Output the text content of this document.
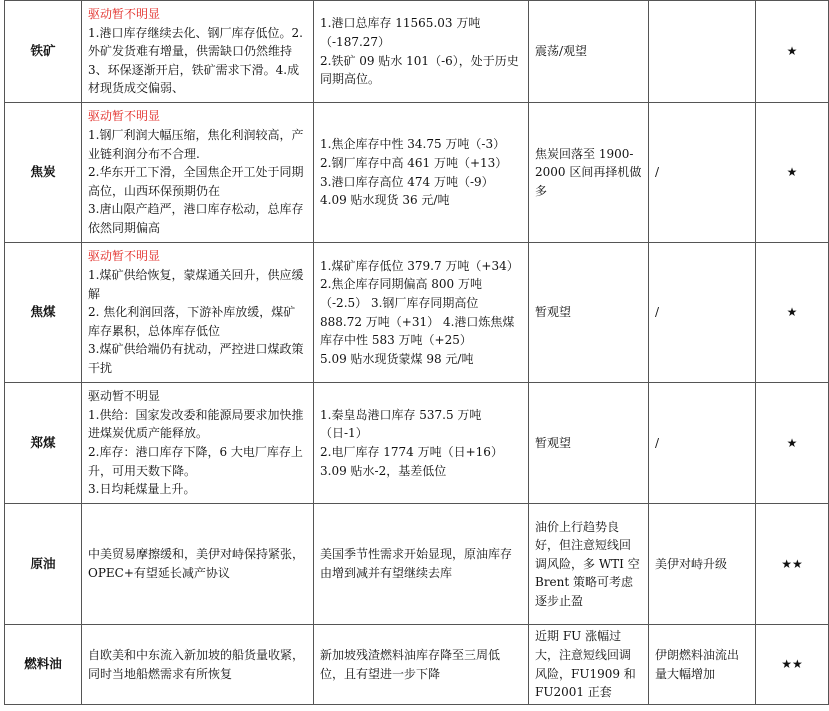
铁矿	驱动暂不明显
1.港口库存继续去化、钢厂库存低位。2.外矿发货难有增量，供需缺口仍然维持 3、环保逐渐开启，铁矿需求下滑。4.成材现货成交偏弱、	1.港口总库存 11565.03 万吨（-187.27）
2.铁矿 09 贴水 101（-6），处于历史同期高位。	震荡/观望		★
焦炭	驱动暂不明显
1.钢厂利润大幅压缩，焦化利润较高，产业链利润分布不合理.
2.华东开工下滑，全国焦企开工处于同期高位，山西环保预期仍在
3.唐山限产趋严，港口库存松动，总库存依然同期偏高	1.焦企库存中性 34.75 万吨（-3）
2.钢厂库存中高 461 万吨（+13）
3.港口库存高位 474 万吨（-9）
4.09 贴水现货 36 元/吨	焦炭回落至 1900-2000 区间再择机做多	/	★
焦煤	驱动暂不明显
1.煤矿供给恢复，蒙煤通关回升，供应缓解
2. 焦化利润回落，下游补库放缓，煤矿库存累积，总体库存低位
3.煤矿供给端仍有扰动，严控进口煤政策干扰	1.煤矿库存低位 379.7 万吨（+34）
2.焦企库存同期偏高 800 万吨（-2.5） 3.钢厂库存同期高位 888.72 万吨（+31） 4.港口炼焦煤库存中性 583 万吨（+25）
5.09 贴水现货蒙煤 98 元/吨	暂观望	/	★
郑煤	驱动暂不明显
1.供给：国家发改委和能源局要求加快推进煤炭优质产能释放。
2.库存：港口库存下降，6 大电厂库存上升，可用天数下降。
3.日均耗煤量上升。	1.秦皇岛港口库存 537.5 万吨（日-1）
2.电厂库存 1774 万吨（日+16）
3.09 贴水-2，基差低位	暂观望	/	★
原油	中美贸易摩擦缓和，美伊对峙保持紧张，OPEC+有望延长减产协议	美国季节性需求开始显现，原油库存由增到减并有望继续去库	油价上行趋势良好，但注意短线回调风险，多 WTI 空 Brent 策略可考虑逐步止盈	美伊对峙升级	★★
燃料油	自欧美和中东流入新加坡的船货量收紧，同时当地船燃需求有所恢复	新加坡残渣燃料油库存降至三周低位，且有望进一步下降	近期 FU 涨幅过大，注意短线回调风险，FU1909 和 FU2001 正套	伊朗燃料油流出量大幅增加	★★
